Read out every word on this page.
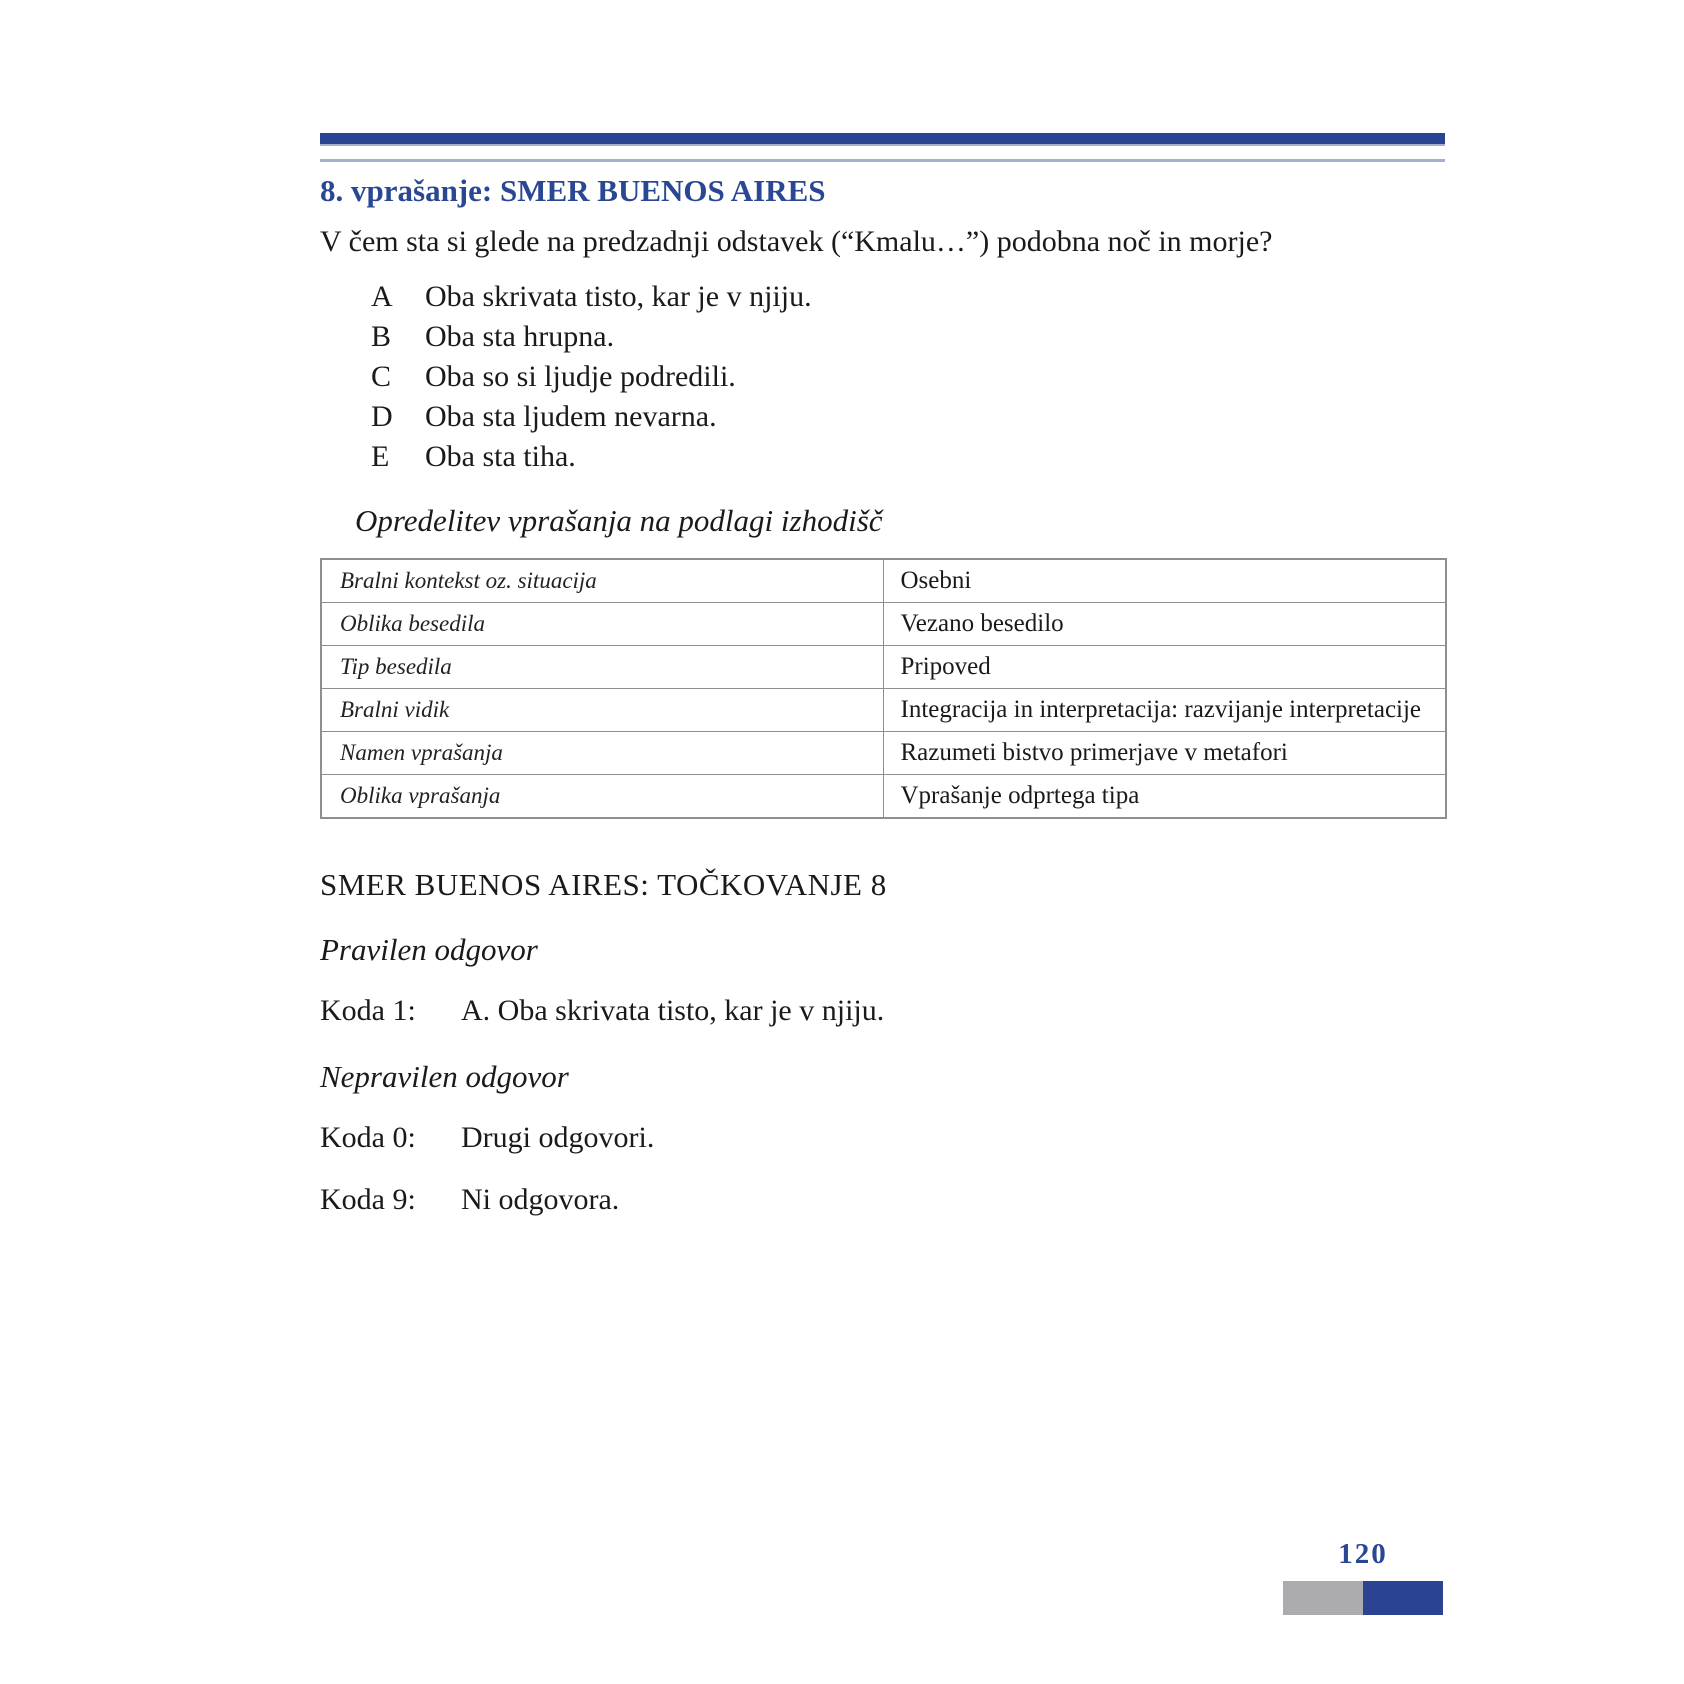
8. vprašanje: SMER BUENOS AIRES
V čem sta si glede na predzadnji odstavek (“Kmalu…”) podobna noč in morje?
A	Oba skrivata tisto, kar je v njiju.
B	Oba sta hrupna.
C	Oba so si ljudje podredili.
D	Oba sta ljudem nevarna.
E	Oba sta tiha.
Opredelitev vprašanja na podlagi izhodišč
Bralni kontekst oz. situacija	Osebni
Oblika besedila	Vezano besedilo
Tip besedila	Pripoved
Bralni vidik	Integracija in interpretacija: razvijanje interpretacije
Namen vprašanja	Razumeti bistvo primerjave v metafori
Oblika vprašanja	Vprašanje odprtega tipa
SMER BUENOS AIRES: TOČKOVANJE 8
Pravilen odgovor
Koda 1:	A. Oba skrivata tisto, kar je v njiju.
Nepravilen odgovor
Koda 0:	Drugi odgovori.
Koda 9:	Ni odgovora.
120
